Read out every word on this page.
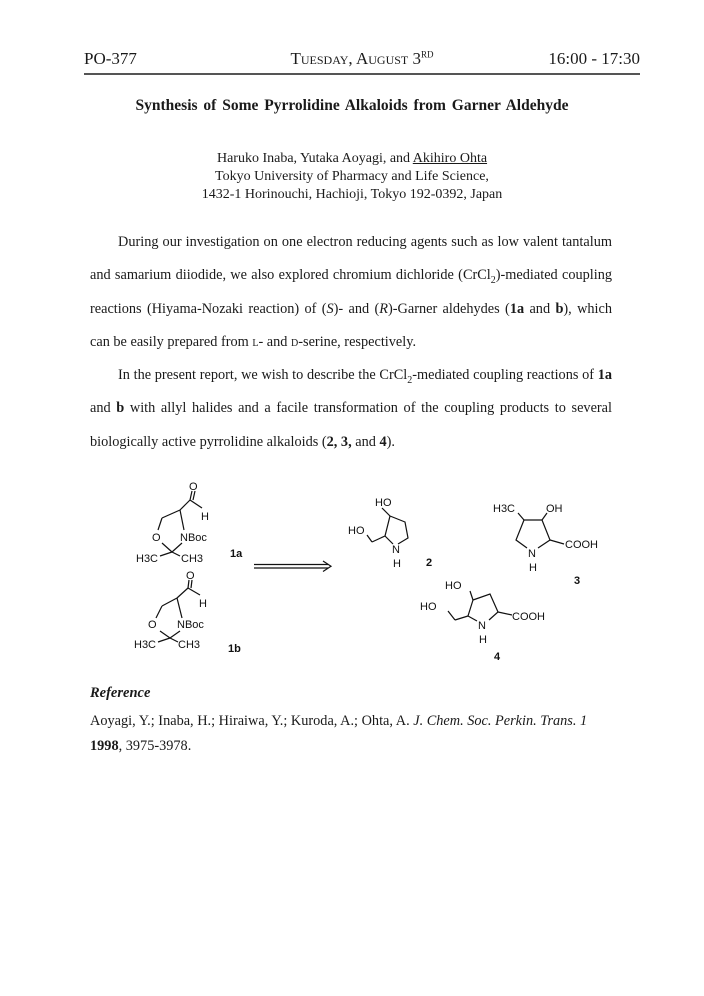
PO-377	Tuesday, August 3RD	16:00 - 17:30
Synthesis of Some Pyrrolidine Alkaloids from Garner Aldehyde
Haruko Inaba, Yutaka Aoyagi, and Akihiro Ohta
Tokyo University of Pharmacy and Life Science,
1432-1 Horinouchi, Hachioji, Tokyo 192-0392, Japan

During our investigation on one electron reducing agents such as low valent tantalum and samarium diiodide, we also explored chromium dichloride (CrCl$_2$)-mediated coupling reactions (Hiyama-Nozaki reaction) of (S)- and (R)-Garner aldehydes (1a and b), which can be easily prepared from l- and d-serine, respectively.

In the present report, we wish to describe the CrCl$_2$-mediated coupling reactions of 1a and b with allyl halides and a facile transformation of the coupling products to several biologically active pyrrolidine alkaloids (2, 3, and 4).

O
H
O NBoc
H3C CH3 1a
O
H
O NBoc
H3C CH3	1b
HO
HO
N
H 2
H3C	OH
N
H
COOH
3
HO
HO
N
H
COOH
4
Reference
Aoyagi, Y.; Inaba, H.; Hiraiwa, Y.; Kuroda, A.; Ohta, A. J. Chem. Soc. Perkin. Trans. 1
1998, 3975-3978.
